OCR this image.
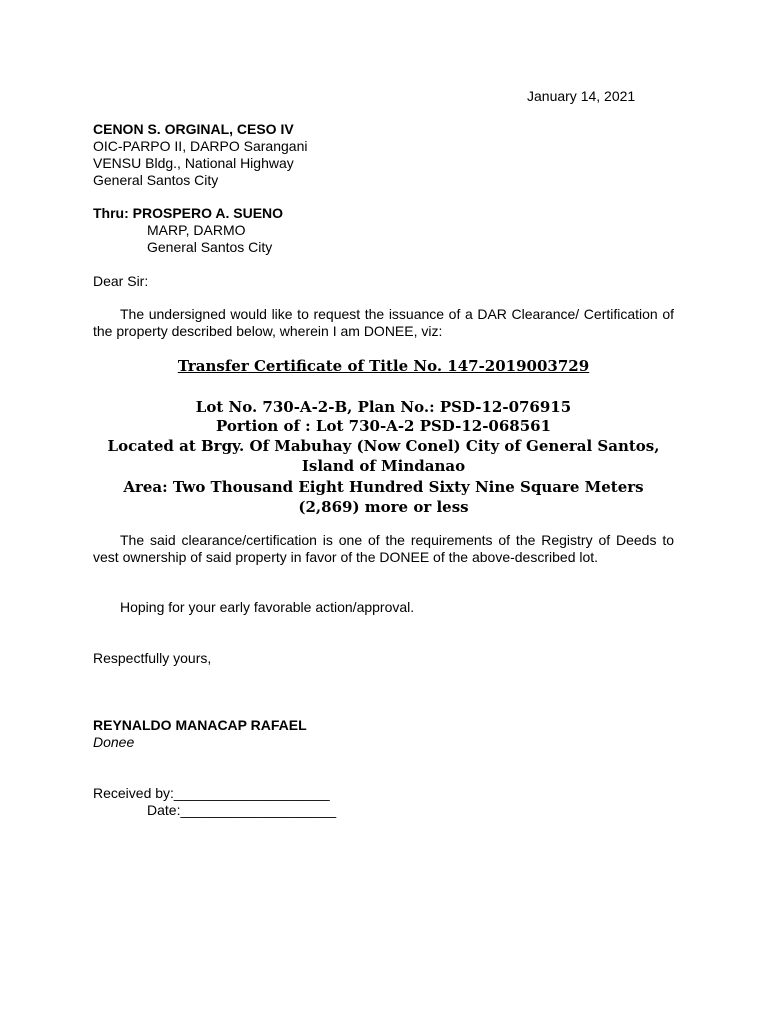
January 14, 2021
CENON S. ORGINAL, CESO IV
OIC-PARPO II, DARPO Sarangani
VENSU Bldg., National Highway
General Santos City
Thru: PROSPERO A. SUENO
MARP, DARMO
General Santos City
Dear Sir:
The undersigned would like to request the issuance of a DAR Clearance/ Certification of the property described below, wherein I am DONEE, viz:
Transfer Certificate of Title No. 147-2019003729
Lot No. 730-A-2-B, Plan No.: PSD-12-076915
Portion of : Lot 730-A-2 PSD-12-068561
Located at Brgy. Of Mabuhay (Now Conel) City of General Santos, Island of Mindanao
Area: Two Thousand Eight Hundred Sixty Nine Square Meters (2,869) more or less
The said clearance/certification is one of the requirements of the Registry of Deeds to vest ownership of said property in favor of the DONEE of the above-described lot.
Hoping for your early favorable action/approval.
Respectfully yours,
REYNALDO MANACAP RAFAEL
Donee
Received by:____________________
Date:____________________
